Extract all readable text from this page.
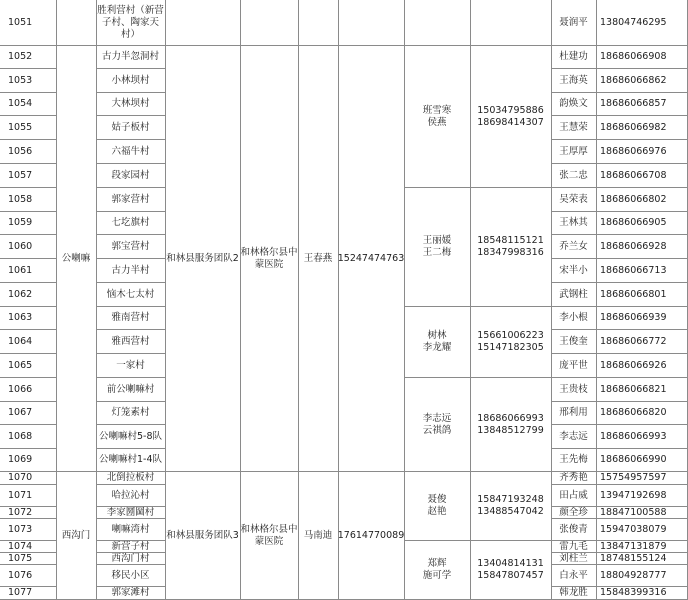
1051
1052
1053
1054
1055
1056
1057
1058
1059
1060
1061
1062
1063
1064
1065
1066
1067
1068
1069
1070
1071
1072
1073
1074
1075
1076
1077
公喇嘛
西沟门
胜利营村（新营
子村、陶家天
村）
古力半忽洞村
小林坝村
大林坝村
姑子板村
六福牛村
段家园村
郭家营村
七圪旗村
郭宝营村
古力半村
恼木七太村
雅南营村
雅西营村
一家村
前公喇嘛村
灯笼素村
公喇嘛村5-8队
公喇嘛村1-4队
北倒拉板村
哈拉沁村
李家圐圙村
喇嘛湾村
新营子村
西沟门村
移民小区
郭家滩村
和林县服务团队2
和林格尔县中
蒙医院
王春燕 15247474763
和林县服务团队3
和林格尔县中
蒙医院
马南迪 17614770089
班雪寒
侯燕
15034795886
18698414307
王丽媛
王二梅
18548115121
18347998316
树林
李龙耀
15661006223
15147182305
李志远
云祺鸽
18686066993
13848512799
聂俊
赵艳
15847193248
13488547042
郑辉
施可学
13404814131
15847807457
聂润平
杜建功
王海英
韵焕文
王慧荣
王厚厚
张二忠
吴荣表
王林其
乔兰女
宋半小
武钢柱
李小根
王俊奎
庞平世
王贵枝
邢利用
李志远
王先梅
齐秀艳
田占威
颜全珍
张俊青
雷九毛
刘柱兰
白永平
韩龙胜
13804746295
18686066908
18686066862
18686066857
18686066982
18686066976
18686066708
18686066802
18686066905
18686066928
18686066713
18686066801
18686066939
18686066772
18686066926
18686066821
18686066820
18686066993
18686066990
15754957597
13947192698
18847100588
15947038079
13847131879
18748155124
18804928777
15848399316
